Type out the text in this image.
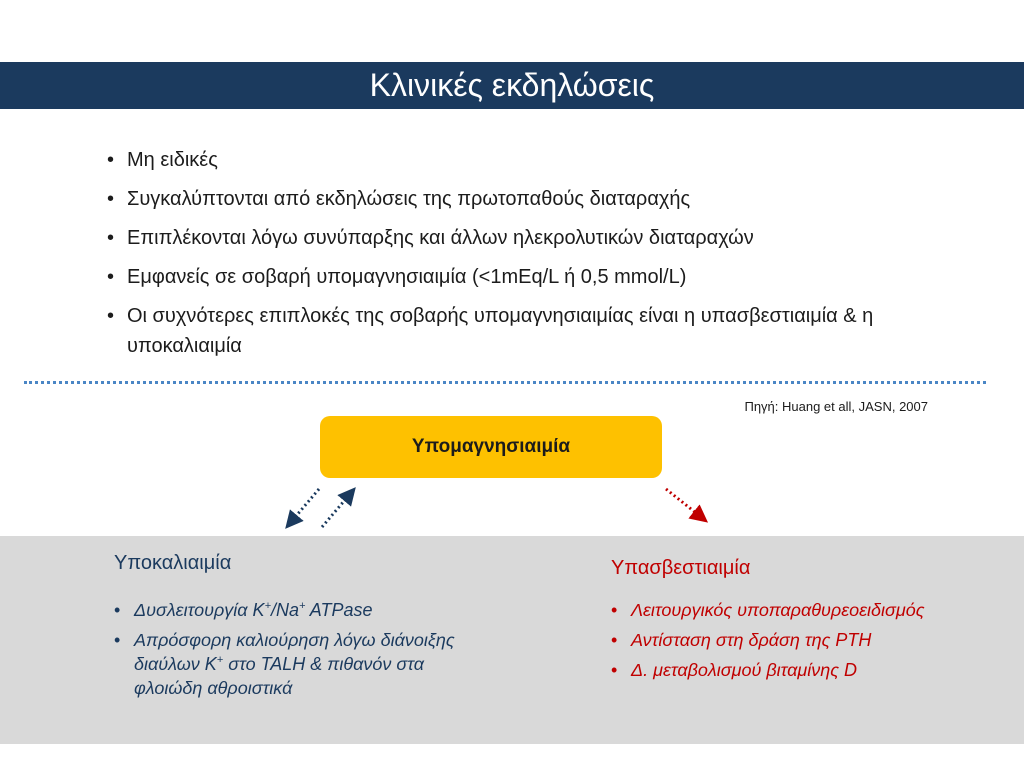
Κλινικές εκδηλώσεις
• Μη ειδικές
• Συγκαλύπτονται από εκδηλώσεις της πρωτοπαθούς διαταραχής
• Επιπλέκονται λόγω συνύπαρξης και άλλων ηλεκρολυτικών διαταραχών
• Εμφανείς σε σοβαρή υπομαγνησιαιμία (<1mEq/L ή 0,5 mmol/L)
• Οι συχνότερες επιπλοκές της σοβαρής υπομαγνησιαιμίας είναι η υπασβεστιαιμία & η υποκαλιαιμία
Πηγή: Huang et all, JASN, 2007
Υπομαγνησιαιμία
Υποκαλιαιμία
• Δυσλειτουργία K+/Na+ ATPase
• Απρόσφορη καλιούρηση λόγω διάνοιξης διαύλων K+ στο TALH & πιθανόν στα φλοιώδη αθροιστικά
Υπασβεστιαιμία
• Λειτουργικός υποπαραθυρεοειδισμός
• Αντίσταση στη δράση της PTH
• Δ. μεταβολισμού βιταμίνης D
